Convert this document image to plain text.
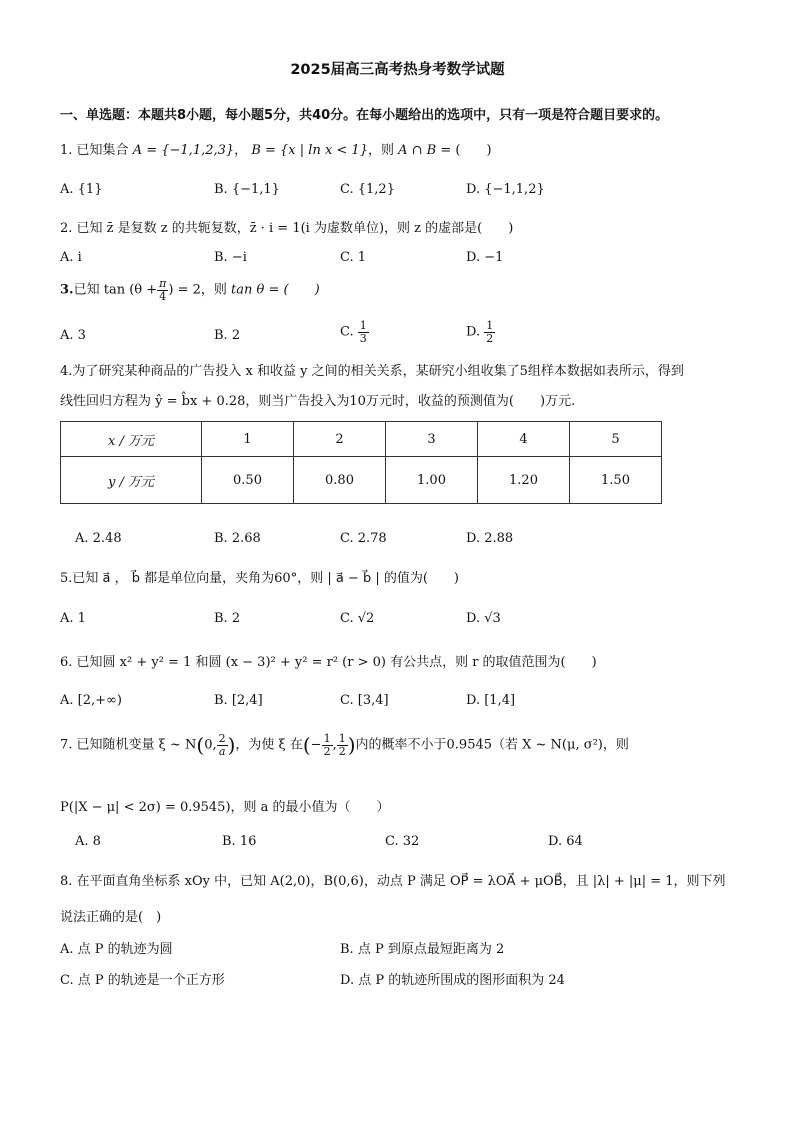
2025届高三高考热身考数学试题
一、单选题：本题共8小题，每小题5分，共40分。在每小题给出的选项中，只有一项是符合题目要求的。
1. 已知集合 A = {−1,1,2,3}， B = {x | ln x < 1}，则 A ∩ B = (　　)
A. {1}	B. {−1,1}	C. {1,2}	D. {−1,1,2}
2. 已知 z̄ 是复数 z 的共轭复数，z̄ · i = 1(i 为虚数单位)，则 z 的虚部是(　　)
A. i	B. −i	C. 1	D. −1
3.已知 $\tan (\theta + \frac{\pi}{4}$ ) = 2，则 tan θ = (　　)
A. 3	B. 2	C. $\frac{1}{3}$	D. $\frac{1}{2}$
4.为了研究某种商品的广告投入 x 和收益 y 之间的相关关系，某研究小组收集了5组样本数据如表所示，得到
线性回归方程为 ŷ = b̂x + 0.28，则当广告投入为10万元时，收益的预测值为(　　)万元.
x / 万元	1	2	3	4	5
y / 万元	0.50	0.80	1.00	1.20	1.50
A. 2.48	B. 2.68	C. 2.78	D. 2.88
5.已知 a⃗ ， b⃗ 都是单位向量，夹角为60°，则 | a⃗ − b⃗ | 的值为(　　)
A. 1	B. 2	C. √2	D. √3
6. 已知圆 x² + y² = 1 和圆 (x − 3)² + y² = r² (r > 0) 有公共点，则 r 的取值范围为(　　)
A. [2,+∞)	B. [2,4]	C. [3,4]	D. [1,4]
7. 已知随机变量 ξ ~ N(0, $\frac{2}{a}$ )，为使 ξ 在(− $\frac{1}{2}$ , $\frac{1}{2}$ )内的概率不小于0.9545（若 X ~ N(μ, σ²)，则
P(|X − μ| < 2σ) = 0.9545)，则 a 的最小值为（　　）
A. 8	B. 16	C. 32	D. 64
8. 在平面直角坐标系 xOy 中，已知 A(2,0)，B(0,6)，动点 P 满足 OP⃗ = λOA⃗ + μOB⃗，且 |λ| + |μ| = 1，则下列
说法正确的是(　)
A. 点 P 的轨迹为圆	B. 点 P 到原点最短距离为 2
C. 点 P 的轨迹是一个正方形	D. 点 P 的轨迹所围成的图形面积为 24
